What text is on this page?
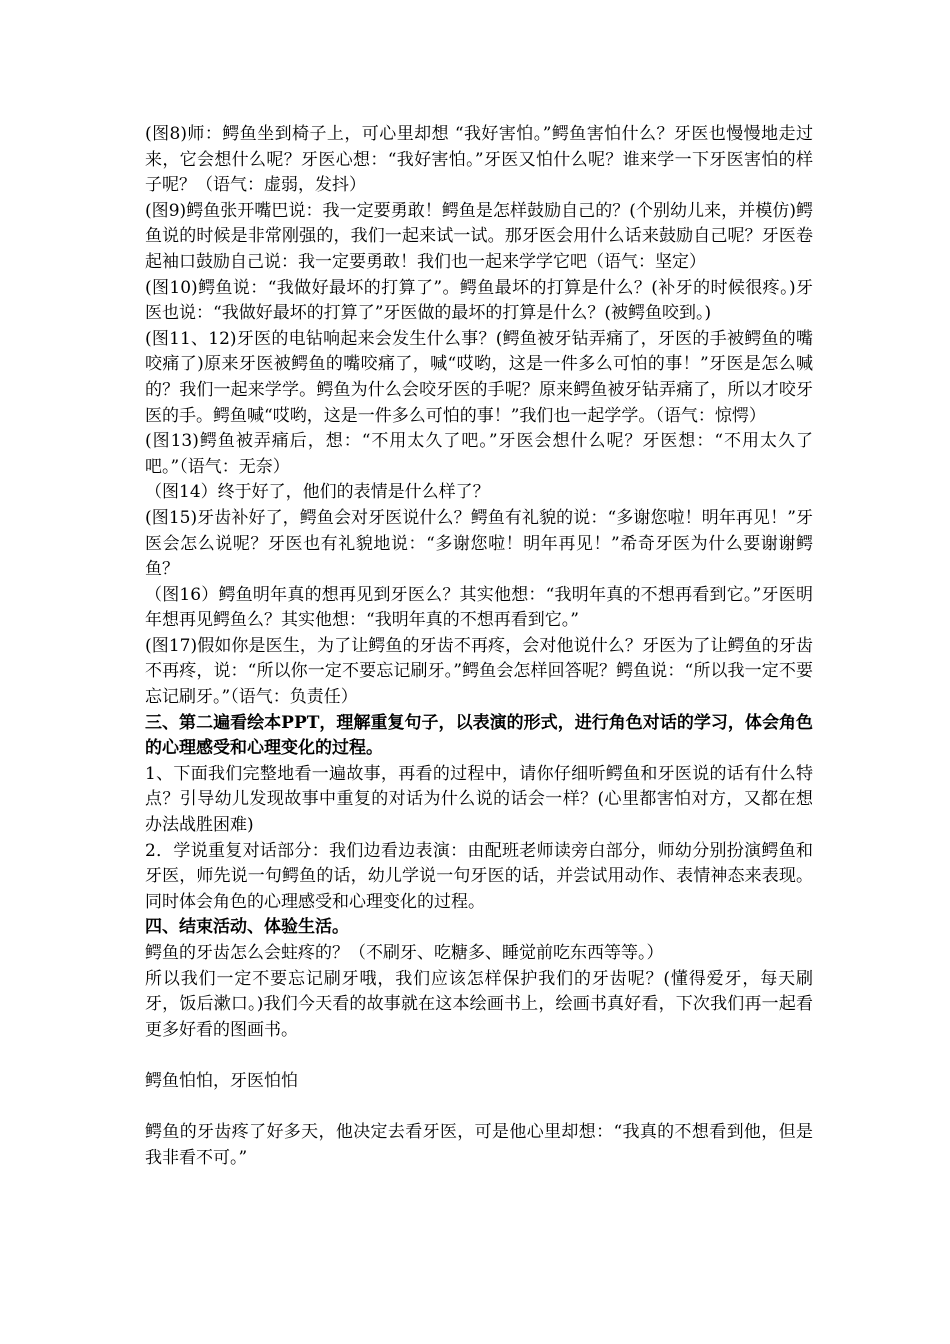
(图8)师：鳄鱼坐到椅子上，可心里却想 “我好害怕。”鳄鱼害怕什么？牙医也慢慢地走过来，它会想什么呢？牙医心想：“我好害怕。”牙医又怕什么呢？谁来学一下牙医害怕的样子呢？（语气：虚弱，发抖）

(图9)鳄鱼张开嘴巴说：我一定要勇敢！鳄鱼是怎样鼓励自己的？(个别幼儿来，并模仿)鳄鱼说的时候是非常刚强的，我们一起来试一试。那牙医会用什么话来鼓励自己呢？牙医卷起袖口鼓励自己说：我一定要勇敢！我们也一起来学学它吧（语气：坚定）

(图10)鳄鱼说：“我做好最坏的打算了”。鳄鱼最坏的打算是什么？(补牙的时候很疼。)牙医也说：“我做好最坏的打算了”牙医做的最坏的打算是什么？(被鳄鱼咬到。)

(图11、12)牙医的电钻响起来会发生什么事？(鳄鱼被牙钻弄痛了，牙医的手被鳄鱼的嘴咬痛了)原来牙医被鳄鱼的嘴咬痛了，喊“哎哟，这是一件多么可怕的事！”牙医是怎么喊的？我们一起来学学。鳄鱼为什么会咬牙医的手呢？原来鳄鱼被牙钻弄痛了，所以才咬牙医的手。鳄鱼喊“哎哟，这是一件多么可怕的事！”我们也一起学学。（语气：惊愕）

(图13)鳄鱼被弄痛后，想：“不用太久了吧。”牙医会想什么呢？牙医想：“不用太久了吧。”（语气：无奈）

（图14）终于好了，他们的表情是什么样了？

(图15)牙齿补好了，鳄鱼会对牙医说什么？鳄鱼有礼貌的说：“多谢您啦！明年再见！”牙医会怎么说呢？牙医也有礼貌地说：“多谢您啦！明年再见！”希奇牙医为什么要谢谢鳄鱼？

（图16）鳄鱼明年真的想再见到牙医么？其实他想：“我明年真的不想再看到它。”牙医明年想再见鳄鱼么？其实他想：“我明年真的不想再看到它。”

(图17)假如你是医生，为了让鳄鱼的牙齿不再疼，会对他说什么？牙医为了让鳄鱼的牙齿不再疼，说：“所以你一定不要忘记刷牙。”鳄鱼会怎样回答呢？鳄鱼说：“所以我一定不要忘记刷牙。”（语气：负责任）

三、第二遍看绘本PPT，理解重复句子，以表演的形式，进行角色对话的学习，体会角色的心理感受和心理变化的过程。

1、下面我们完整地看一遍故事，再看的过程中，请你仔细听鳄鱼和牙医说的话有什么特点？引导幼儿发现故事中重复的对话为什么说的话会一样？(心里都害怕对方，又都在想办法战胜困难)

2．学说重复对话部分：我们边看边表演：由配班老师读旁白部分，师幼分别扮演鳄鱼和牙医，师先说一句鳄鱼的话，幼儿学说一句牙医的话，并尝试用动作、表情神态来表现。同时体会角色的心理感受和心理变化的过程。

四、结束活动、体验生活。

鳄鱼的牙齿怎么会蛀疼的？（不刷牙、吃糖多、睡觉前吃东西等等。）

所以我们一定不要忘记刷牙哦，我们应该怎样保护我们的牙齿呢？(懂得爱牙，每天刷牙，饭后漱口。)我们今天看的故事就在这本绘画书上，绘画书真好看，下次我们再一起看更多好看的图画书。

鳄鱼怕怕，牙医怕怕

鳄鱼的牙齿疼了好多天，他决定去看牙医，可是他心里却想：“我真的不想看到他，但是我非看不可。”
